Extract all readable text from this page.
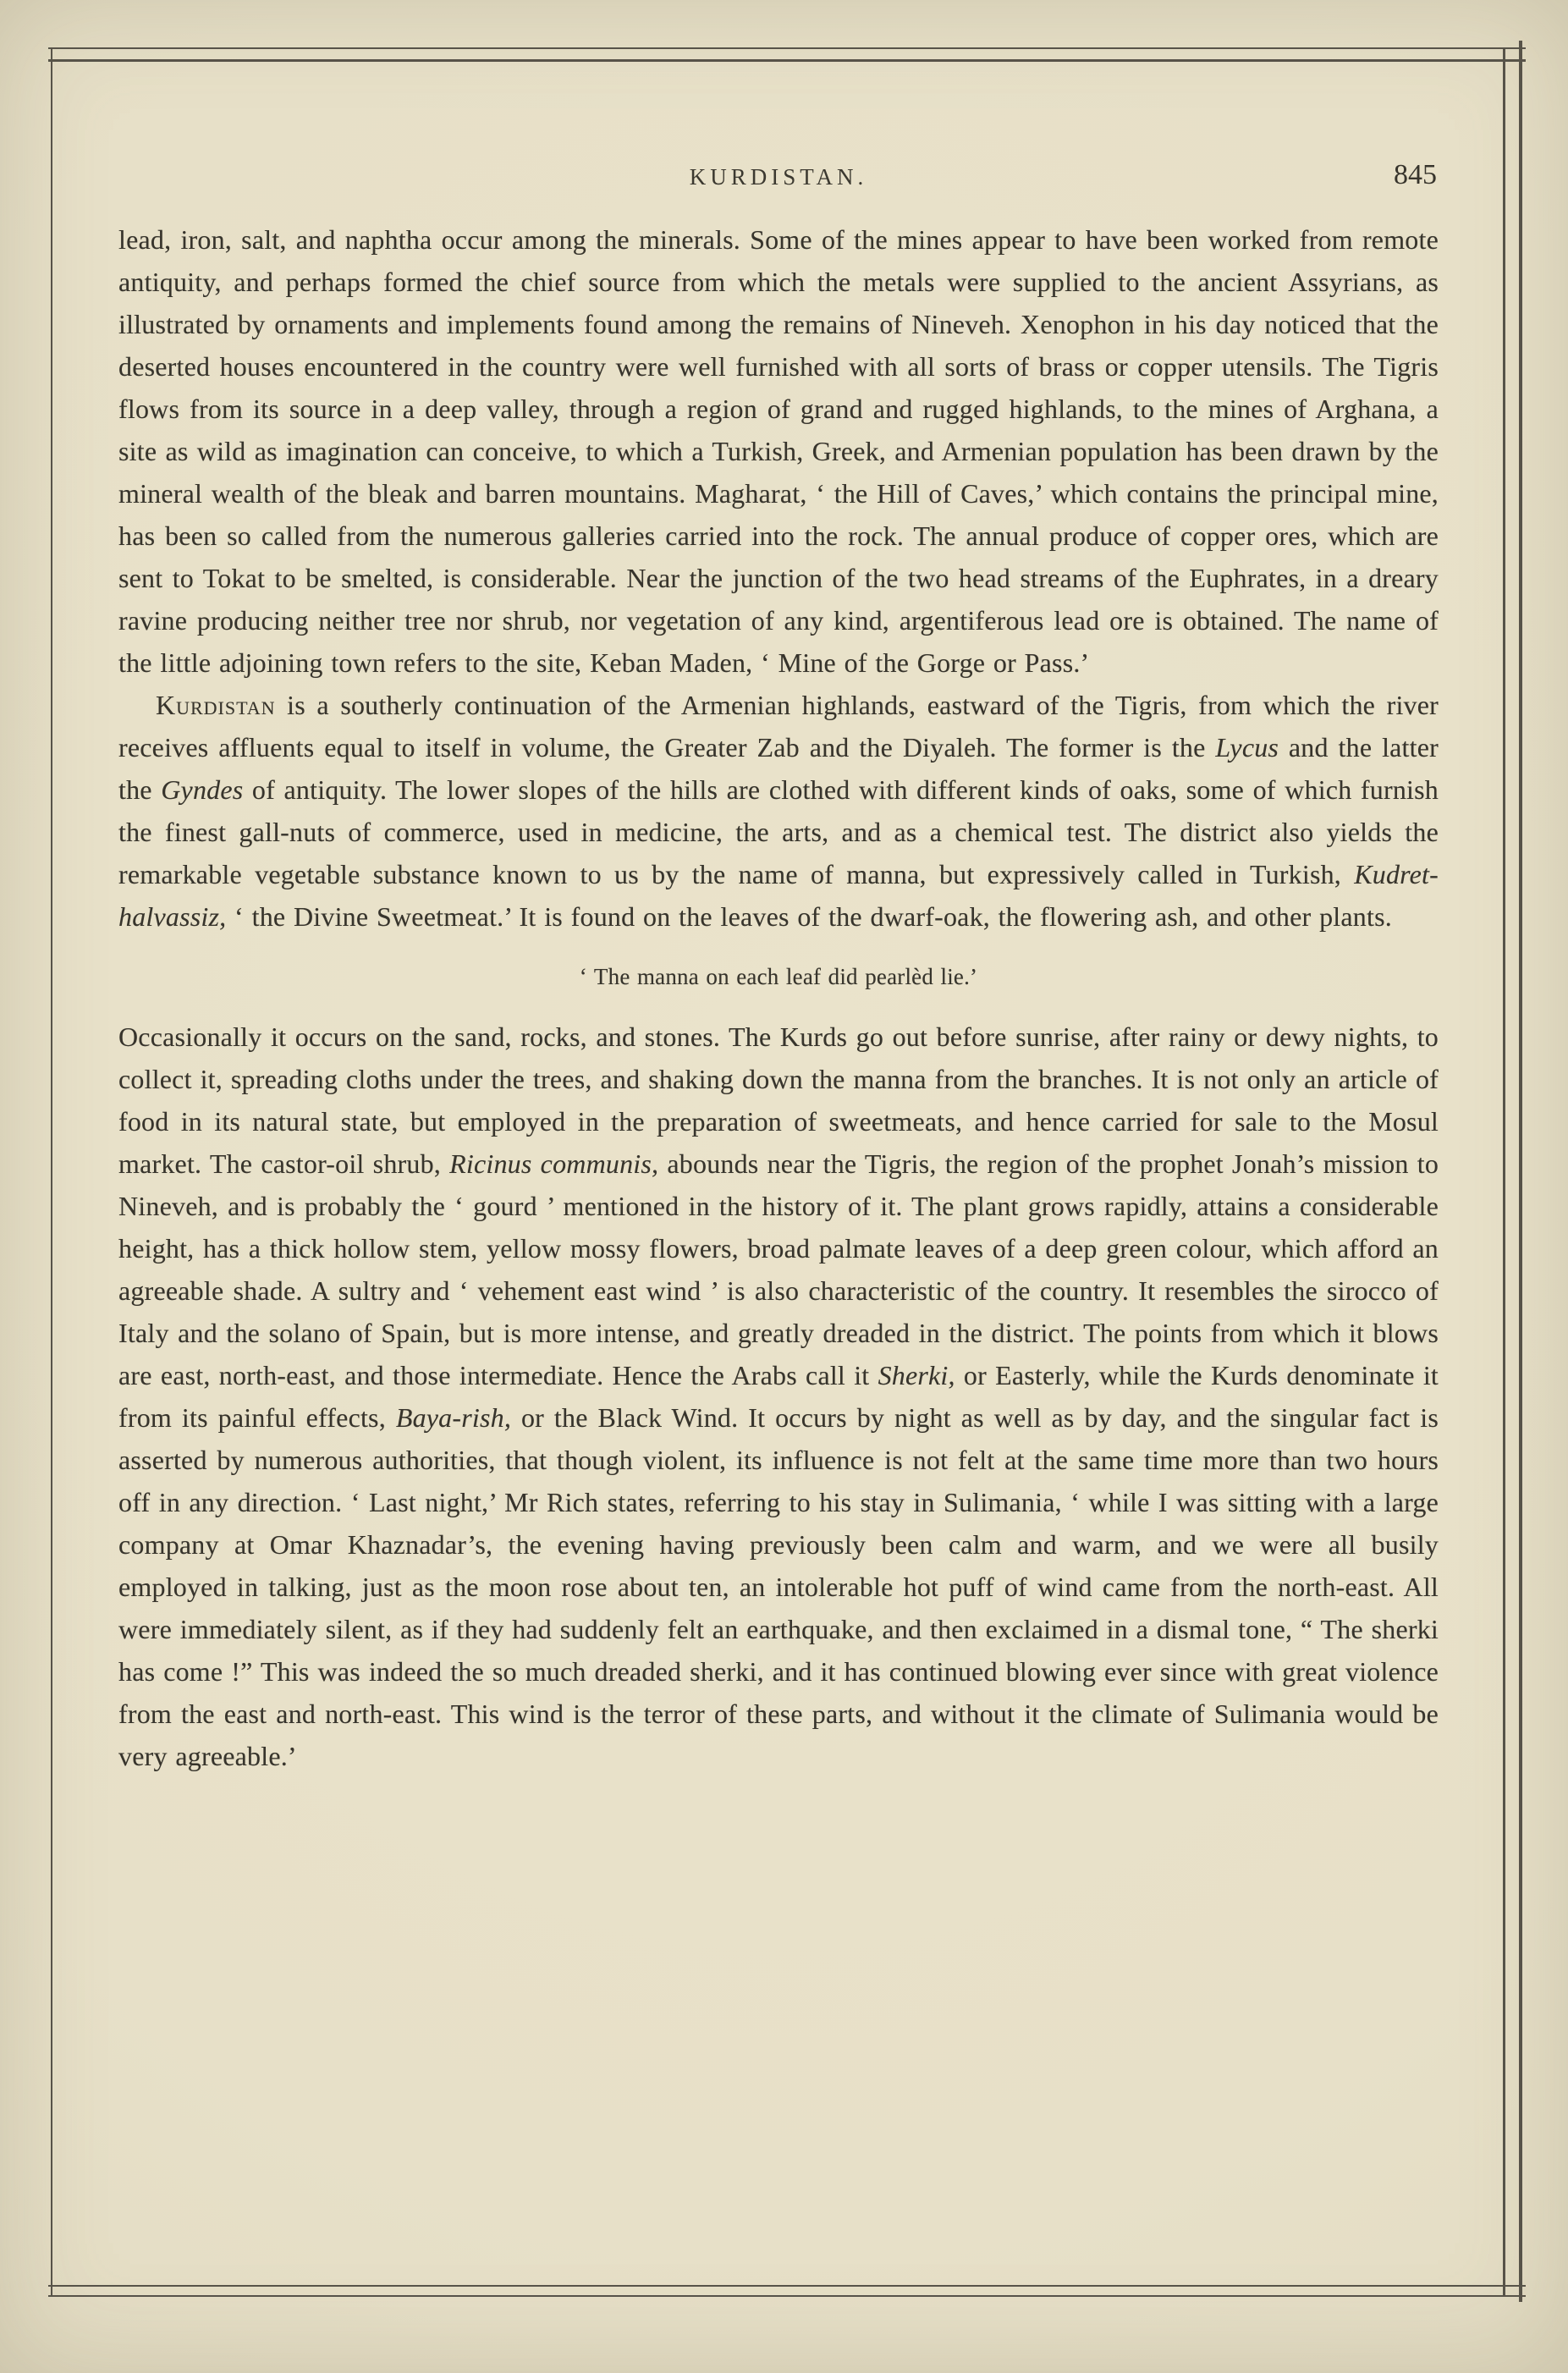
KURDISTAN.	845

lead, iron, salt, and naphtha occur among the minerals. Some of the mines appear to have been worked from remote antiquity, and perhaps formed the chief source from which the metals were supplied to the ancient Assyrians, as illustrated by ornaments and implements found among the remains of Nineveh. Xenophon in his day noticed that the deserted houses encountered in the country were well furnished with all sorts of brass or copper utensils. The Tigris flows from its source in a deep valley, through a region of grand and rugged highlands, to the mines of Arghana, a site as wild as imagination can conceive, to which a Turkish, Greek, and Armenian population has been drawn by the mineral wealth of the bleak and barren mountains. Magharat, ‘ the Hill of Caves,’ which contains the principal mine, has been so called from the numerous galleries carried into the rock. The annual produce of copper ores, which are sent to Tokat to be smelted, is considerable. Near the junction of the two head streams of the Euphrates, in a dreary ravine producing neither tree nor shrub, nor vegetation of any kind, argentiferous lead ore is obtained. The name of the little adjoining town refers to the site, Keban Maden, ‘ Mine of the Gorge or Pass.’

Kurdistan is a southerly continuation of the Armenian highlands, eastward of the Tigris, from which the river receives affluents equal to itself in volume, the Greater Zab and the Diyaleh. The former is the Lycus and the latter the Gyndes of antiquity. The lower slopes of the hills are clothed with different kinds of oaks, some of which furnish the finest gall-nuts of commerce, used in medicine, the arts, and as a chemical test. The district also yields the remarkable vegetable substance known to us by the name of manna, but expressively called in Turkish, Kudret-halvassiz, ‘ the Divine Sweetmeat.’ It is found on the leaves of the dwarf-oak, the flowering ash, and other plants.

‘ The manna on each leaf did pearlèd lie.’

Occasionally it occurs on the sand, rocks, and stones. The Kurds go out before sunrise, after rainy or dewy nights, to collect it, spreading cloths under the trees, and shaking down the manna from the branches. It is not only an article of food in its natural state, but employed in the preparation of sweetmeats, and hence carried for sale to the Mosul market. The castor-oil shrub, Ricinus communis, abounds near the Tigris, the region of the prophet Jonah’s mission to Nineveh, and is probably the ‘ gourd ’ mentioned in the history of it. The plant grows rapidly, attains a considerable height, has a thick hollow stem, yellow mossy flowers, broad palmate leaves of a deep green colour, which afford an agreeable shade. A sultry and ‘ vehement east wind ’ is also characteristic of the country. It resembles the sirocco of Italy and the solano of Spain, but is more intense, and greatly dreaded in the district. The points from which it blows are east, north-east, and those intermediate. Hence the Arabs call it Sherki, or Easterly, while the Kurds denominate it from its painful effects, Baya-rish, or the Black Wind. It occurs by night as well as by day, and the singular fact is asserted by numerous authorities, that though violent, its influence is not felt at the same time more than two hours off in any direction. ‘ Last night,’ Mr Rich states, referring to his stay in Sulimania, ‘ while I was sitting with a large company at Omar Khaznadar’s, the evening having previously been calm and warm, and we were all busily employed in talking, just as the moon rose about ten, an intolerable hot puff of wind came from the north-east. All were immediately silent, as if they had suddenly felt an earthquake, and then exclaimed in a dismal tone, “ The sherki has come !” This was indeed the so much dreaded sherki, and it has continued blowing ever since with great violence from the east and north-east. This wind is the terror of these parts, and without it the climate of Sulimania would be very agreeable.’
